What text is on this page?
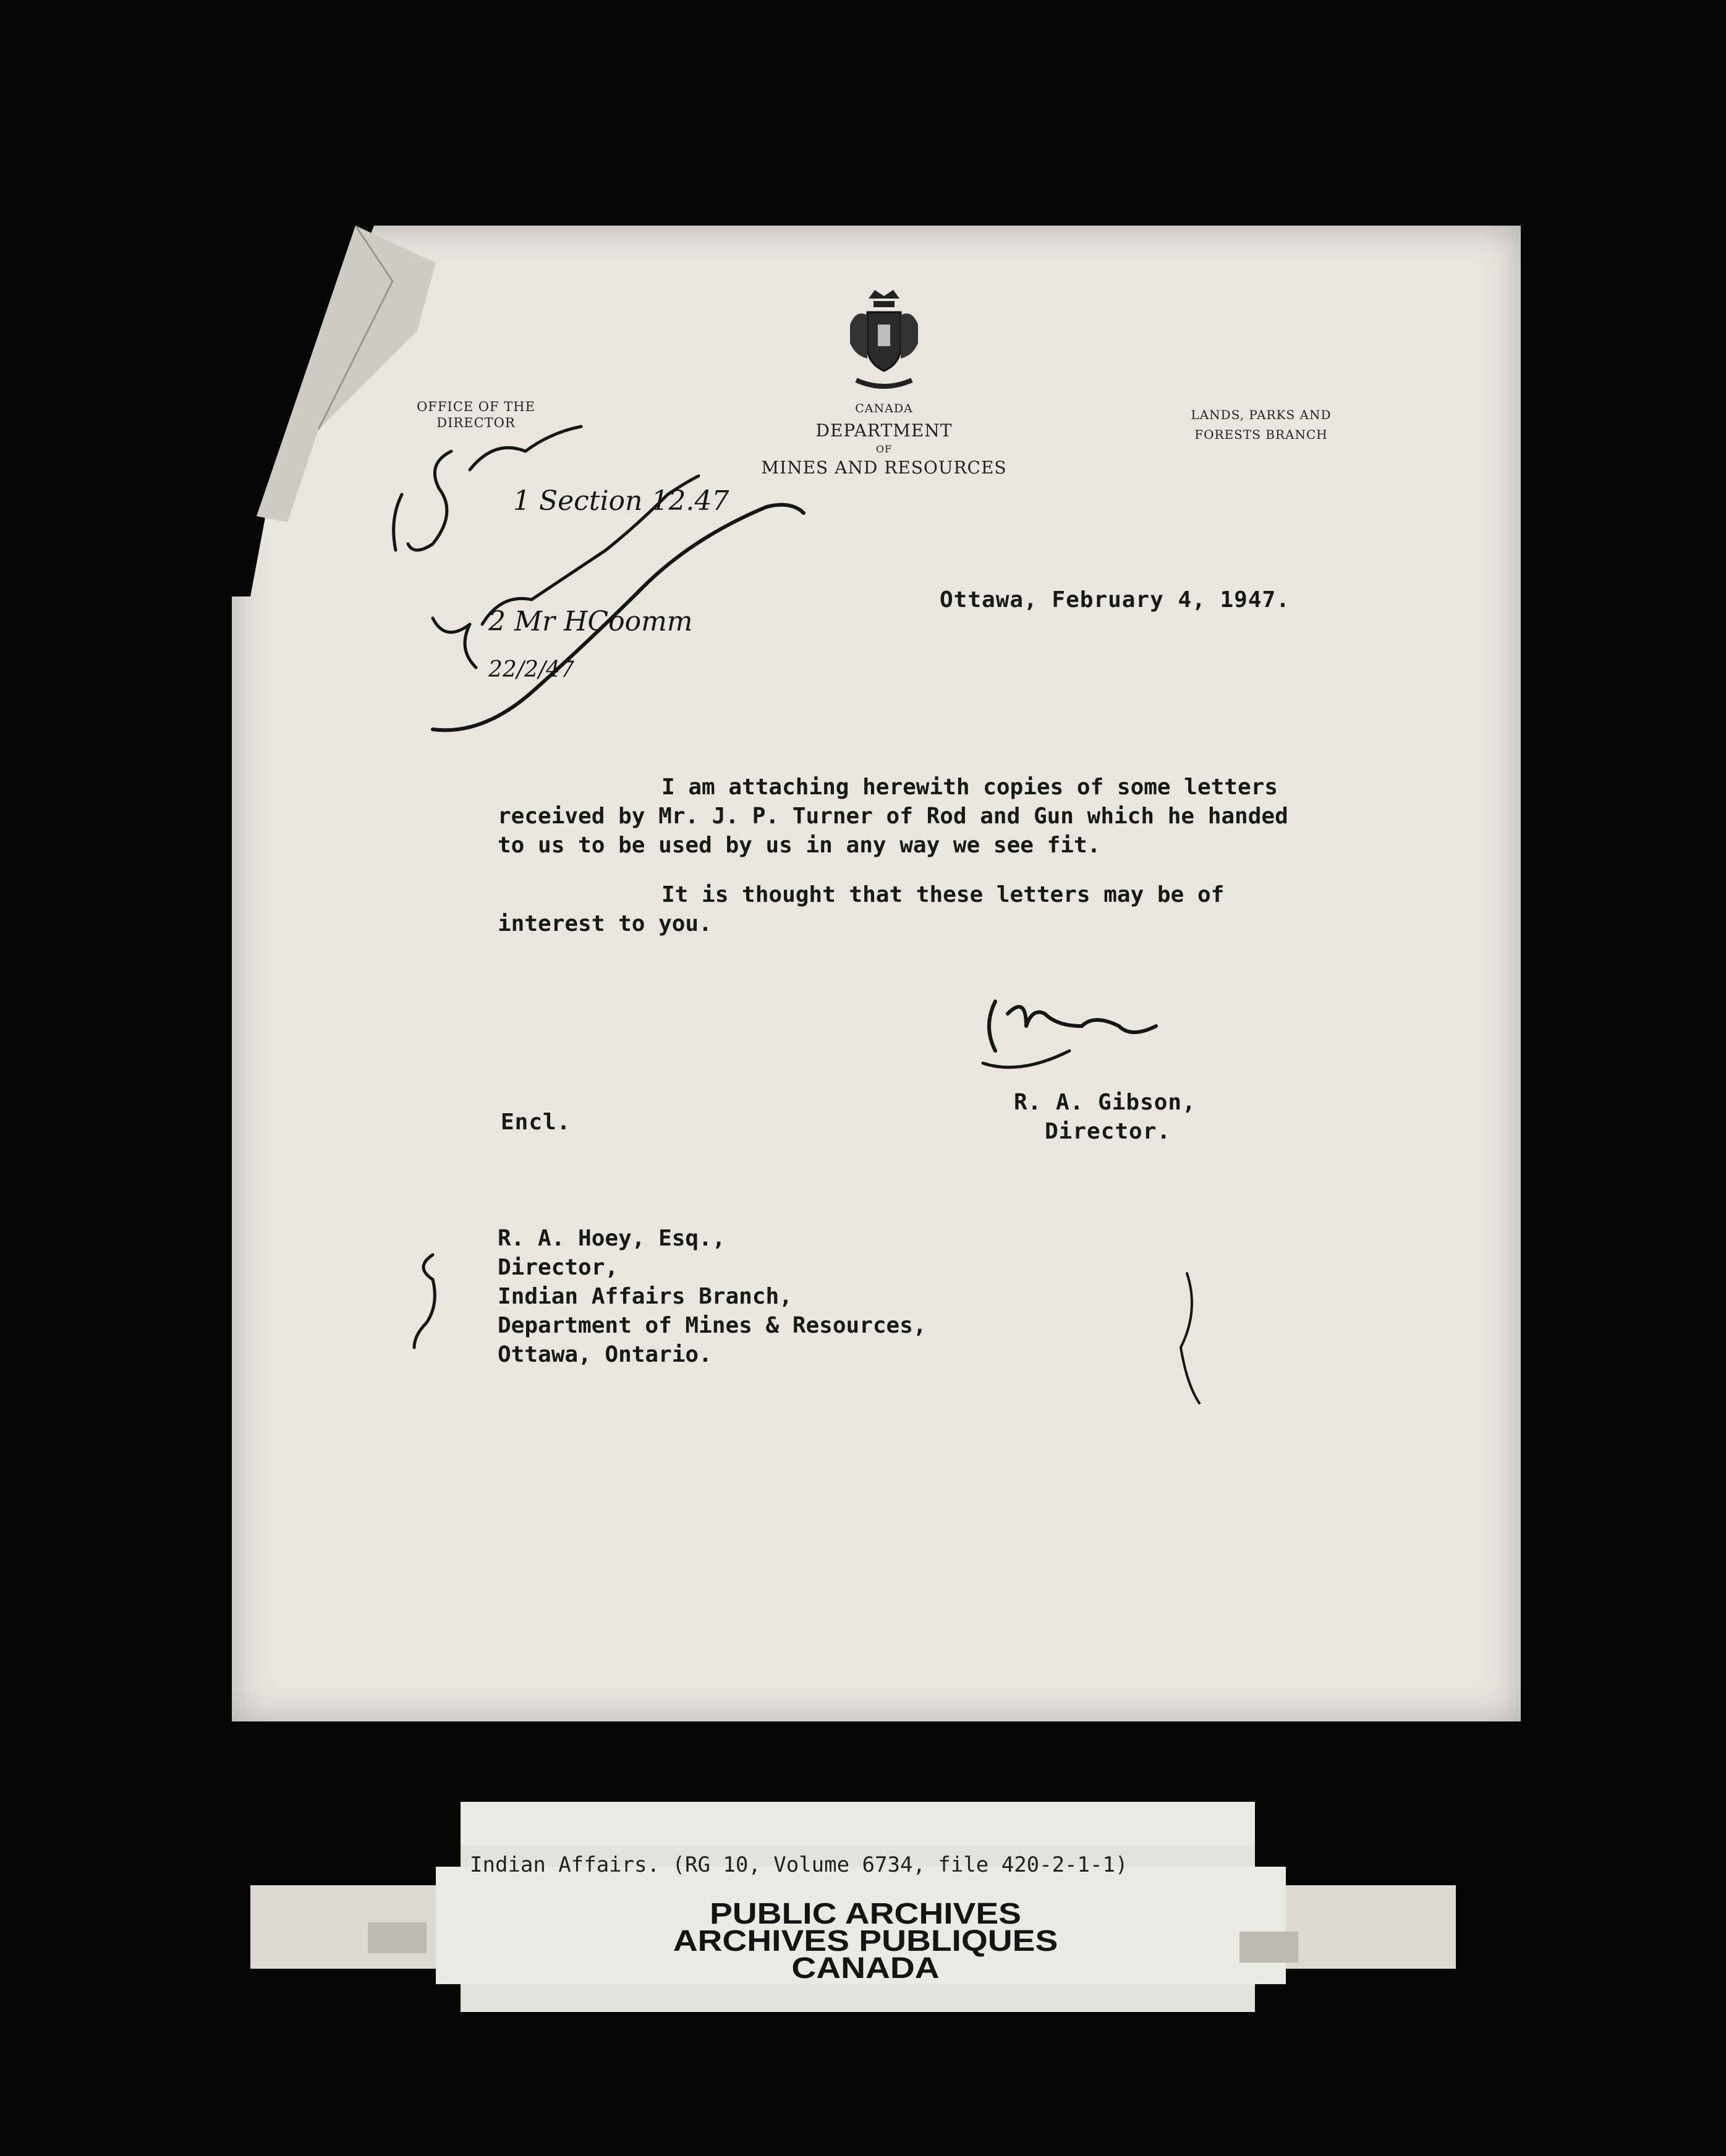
OFFICE OF THE DIRECTOR
CANADA
DEPARTMENT
OF
MINES AND RESOURCES
LANDS, PARKS AND FORESTS BRANCH
Ottawa, February 4, 1947.

I am attaching herewith copies of some letters received by Mr. J. P. Turner of Rod and Gun which he handed to us to be used by us in any way we see fit.

It is thought that these letters may be of interest to you.

1 Section 12.47
2 Mr HCoomm
22/2/47
R. A. Gibson,
Director.
Encl.
R. A. Hoey, Esq.,
Director,
Indian Affairs Branch,
Department of Mines & Resources,
Ottawa, Ontario.
Indian Affairs. (RG 10, Volume 6734, file 420-2-1-1)
PUBLIC ARCHIVES
ARCHIVES PUBLIQUES
CANADA
